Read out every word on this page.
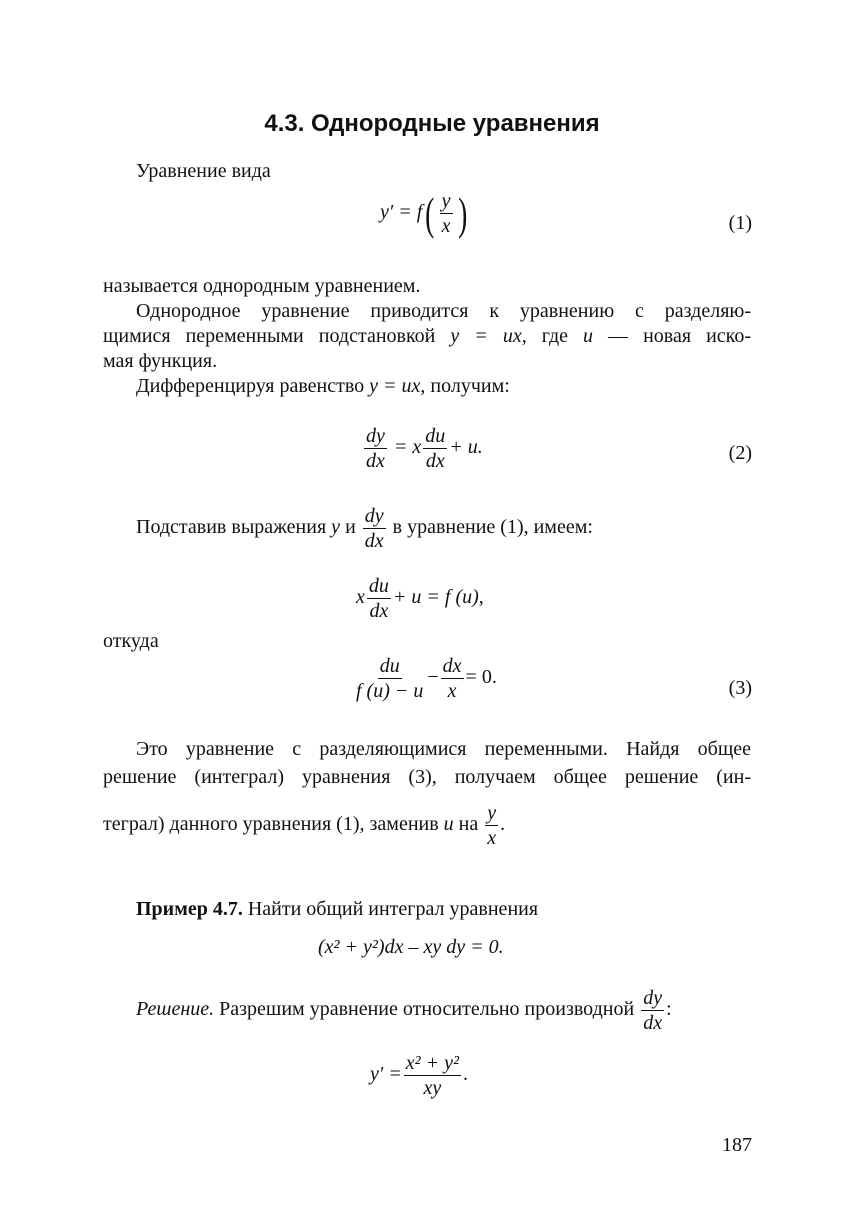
4.3. Однородные уравнения
Уравнение вида
$y' = f( \frac{y}{x}$ )	(1)
называется однородным уравнением.
Однородное уравнение приводится к уравнению с разделяю-
щимися переменными подстановкой y = ux, где u — новая иско-
мая функция.
Дифференцируя равенство y = ux, получим:
$\frac{dy}{dx} = x \frac{du}{dx} + u$.	(2)
Подставив выражения y и $\frac{dy}{dx}$ в уравнение (1), имеем:
x $\frac{du}{dx} + u = f$ (u),
откуда
$\frac{du}{f (u) - u} - \frac{dx}{x} = 0$.	(3)
Это уравнение с разделяющимися переменными. Найдя общее
решение (интеграл) уравнения (3), получаем общее решение (ин-
теграл) данного уравнения (1), заменив u на $\frac{y}{x}$ .
Пример 4.7. Найти общий интеграл уравнения
(x² + y²)dx – xy dy = 0.
Решение. Разрешим уравнение относительно производной $\frac{dy}{dx}$ :
$y' = \frac{\text{x² + y²}}{xy}$ .
187
